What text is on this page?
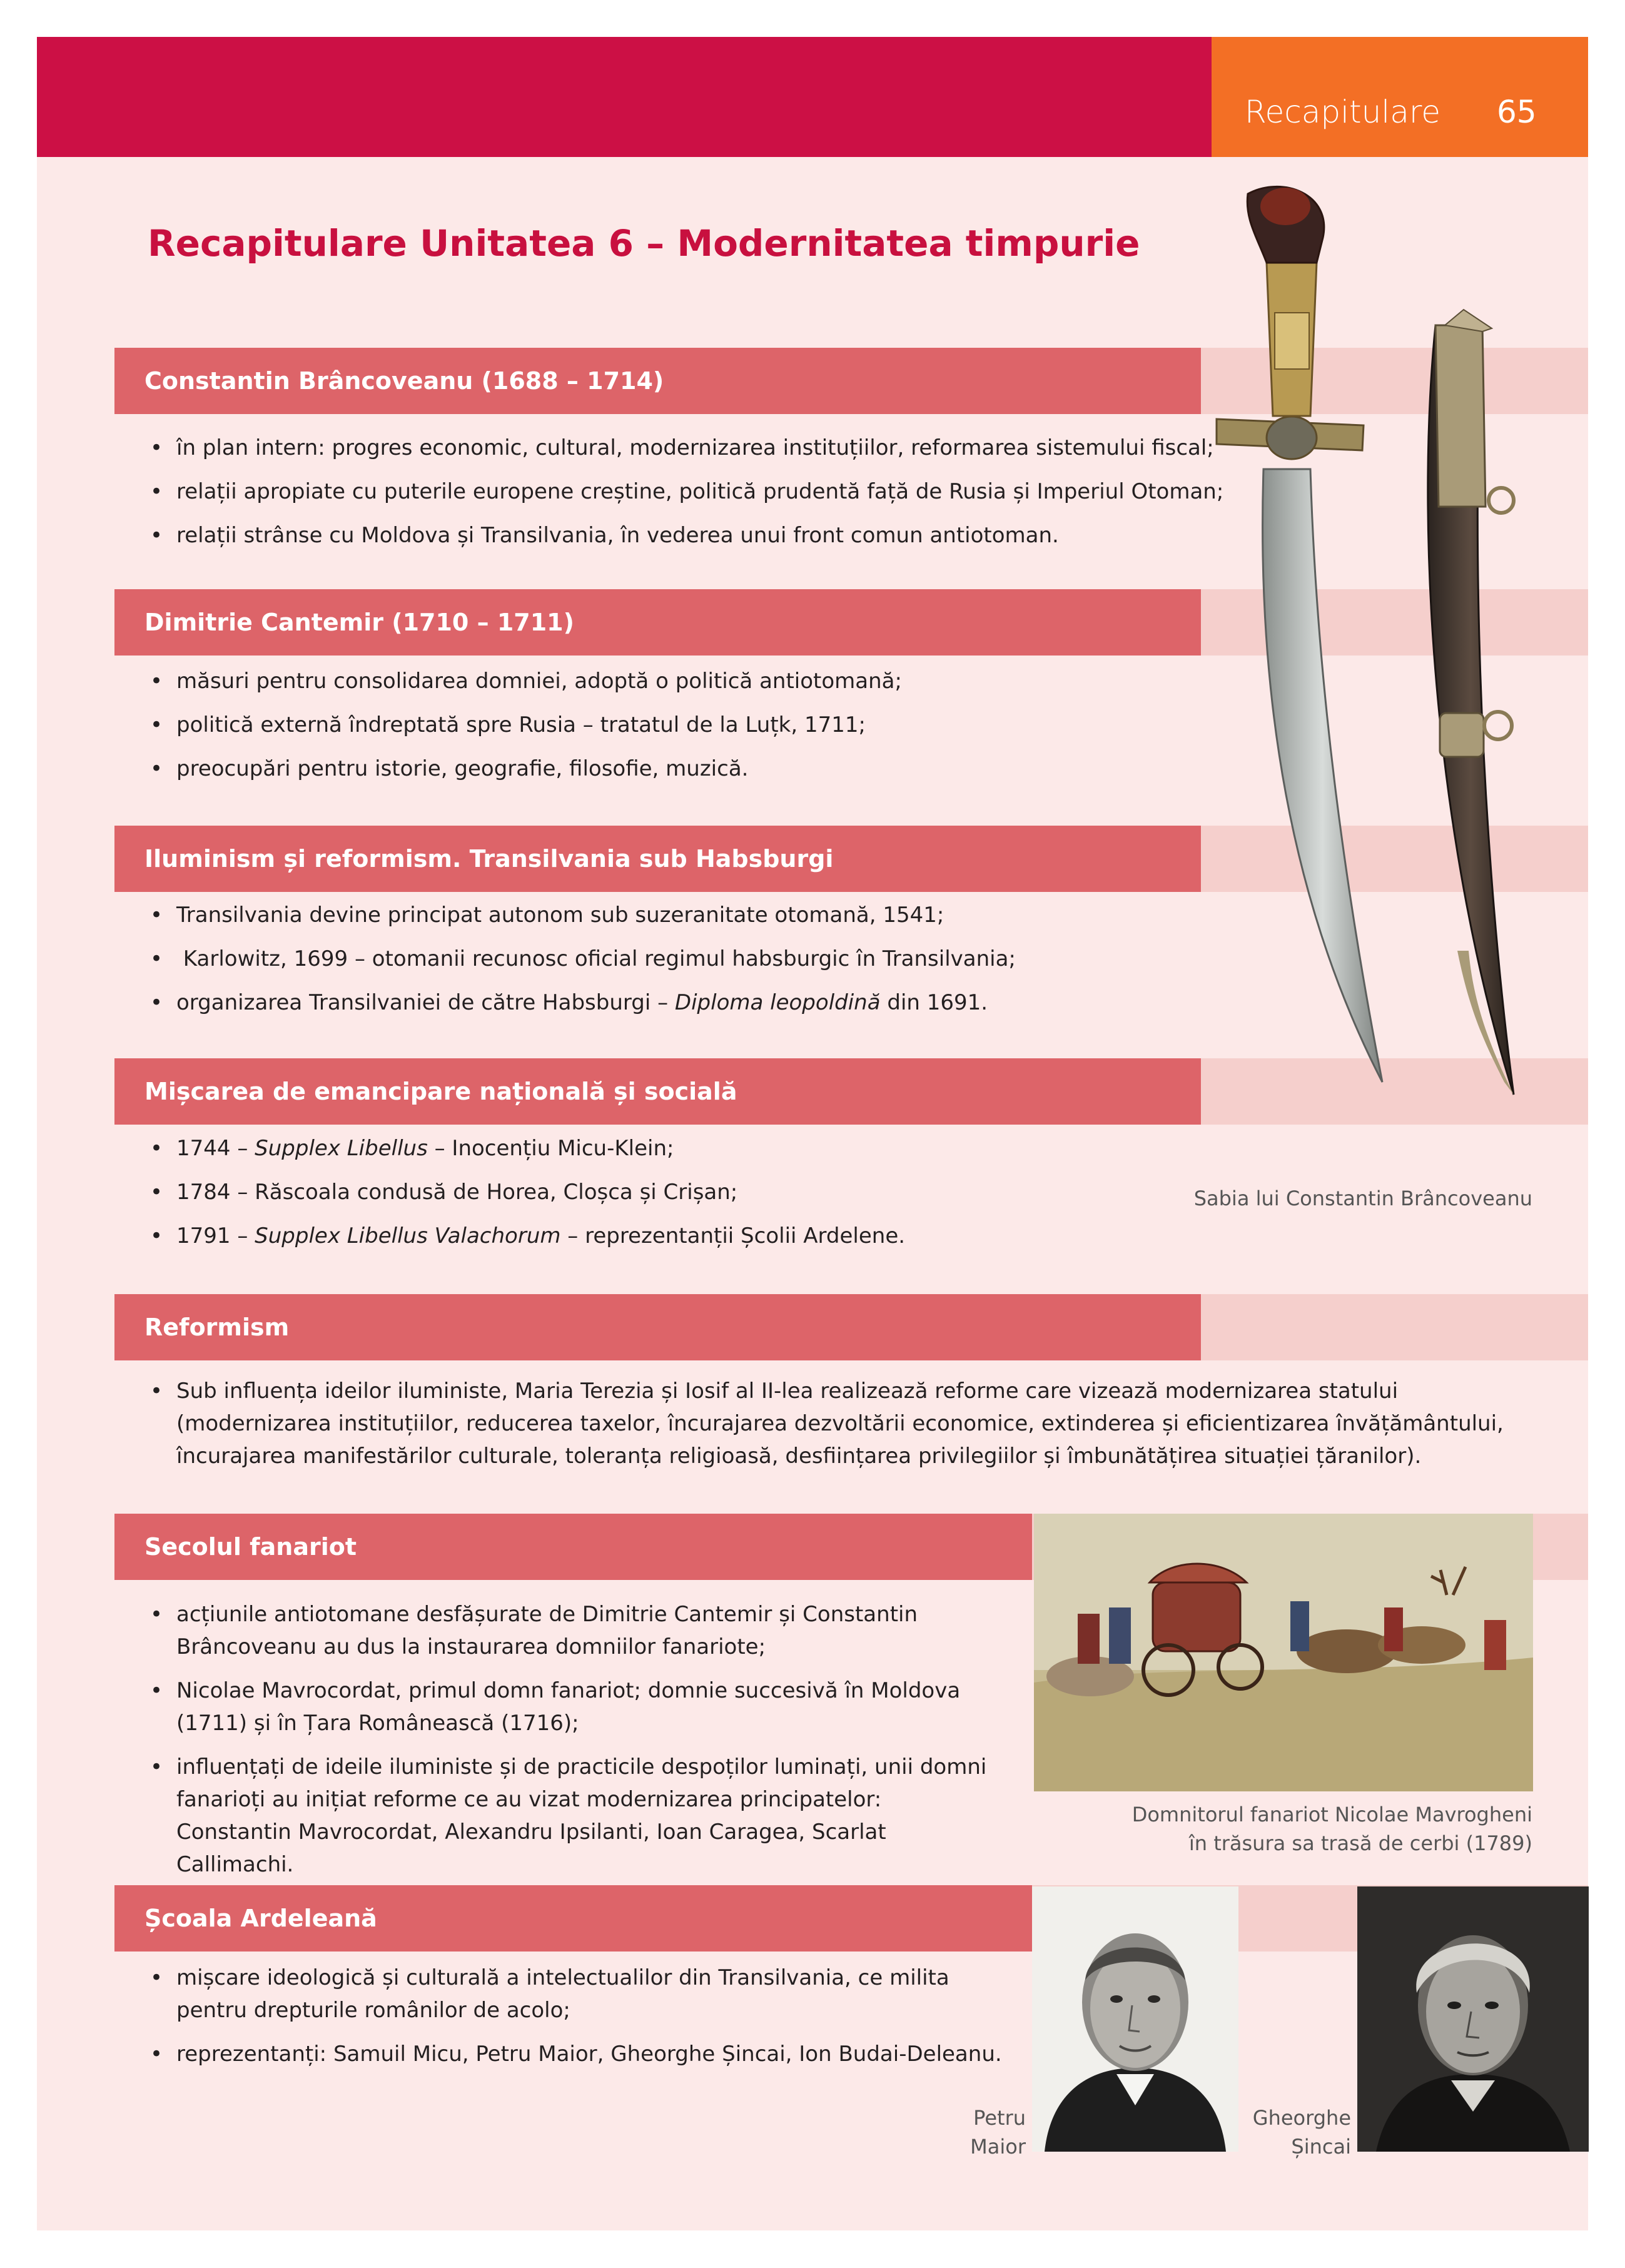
Recapitulare 65
Recapitulare Unitatea 6 – Modernitatea timpurie
Constantin Brâncoveanu (1688 – 1714)
• în plan intern: progres economic, cultural, modernizarea instituțiilor, reformarea sistemului fiscal;
• relații apropiate cu puterile europene creștine, politică prudentă față de Rusia și Imperiul Otoman;
• relații strânse cu Moldova și Transilvania, în vederea unui front comun antiotoman.
Dimitrie Cantemir (1710 – 1711)
• măsuri pentru consolidarea domniei, adoptă o politică antiotomană;
• politică externă îndreptată spre Rusia – tratatul de la Luțk, 1711;
• preocupări pentru istorie, geografie, filosofie, muzică.
Iluminism și reformism. Transilvania sub Habsburgi
• Transilvania devine principat autonom sub suzeranitate otomană, 1541;
•  Karlowitz, 1699 – otomanii recunosc oficial regimul habsburgic în Transilvania;
• organizarea Transilvaniei de către Habsburgi – Diploma leopoldină din 1691.
Mișcarea de emancipare națională și socială
• 1744 – Supplex Libellus – Inocențiu Micu-Klein;
• 1784 – Răscoala condusă de Horea, Cloșca și Crișan;
• 1791 – Supplex Libellus Valachorum – reprezentanții Școlii Ardelene.
Reformism
• Sub influența ideilor iluministe, Maria Terezia și Iosif al II-lea realizează reforme care vizează modernizarea statului (modernizarea instituțiilor, reducerea taxelor, încurajarea dezvoltării economice, extinderea și eficientizarea învățământului, încurajarea manifestărilor culturale, toleranța religioasă, desființarea privilegiilor și îmbunătățirea situației țăranilor).
Secolul fanariot
• acțiunile antiotomane desfășurate de Dimitrie Cantemir și Constantin Brâncoveanu au dus la instaurarea domniilor fanariote;
• Nicolae Mavrocordat, primul domn fanariot; domnie succesivă în Moldova (1711) și în Țara Românească (1716);
• influențați de ideile iluministe și de practicile despoților luminați, unii domni fanarioți au inițiat reforme ce au vizat modernizarea principatelor: Constantin Mavrocordat, Alexandru Ipsilanti, Ioan Caragea, Scarlat Callimachi.
Școala Ardeleană
• mișcare ideologică și culturală a intelectualilor din Transilvania, ce milita pentru drepturile românilor de acolo;
• reprezentanți: Samuil Micu, Petru Maior, Gheorghe Șincai, Ion Budai-Deleanu.
Sabia lui Constantin Brâncoveanu
Domnitorul fanariot Nicolae Mavrogheni
în trăsura sa trasă de cerbi (1789)
Petru
Maior
Gheorghe
Șincai
